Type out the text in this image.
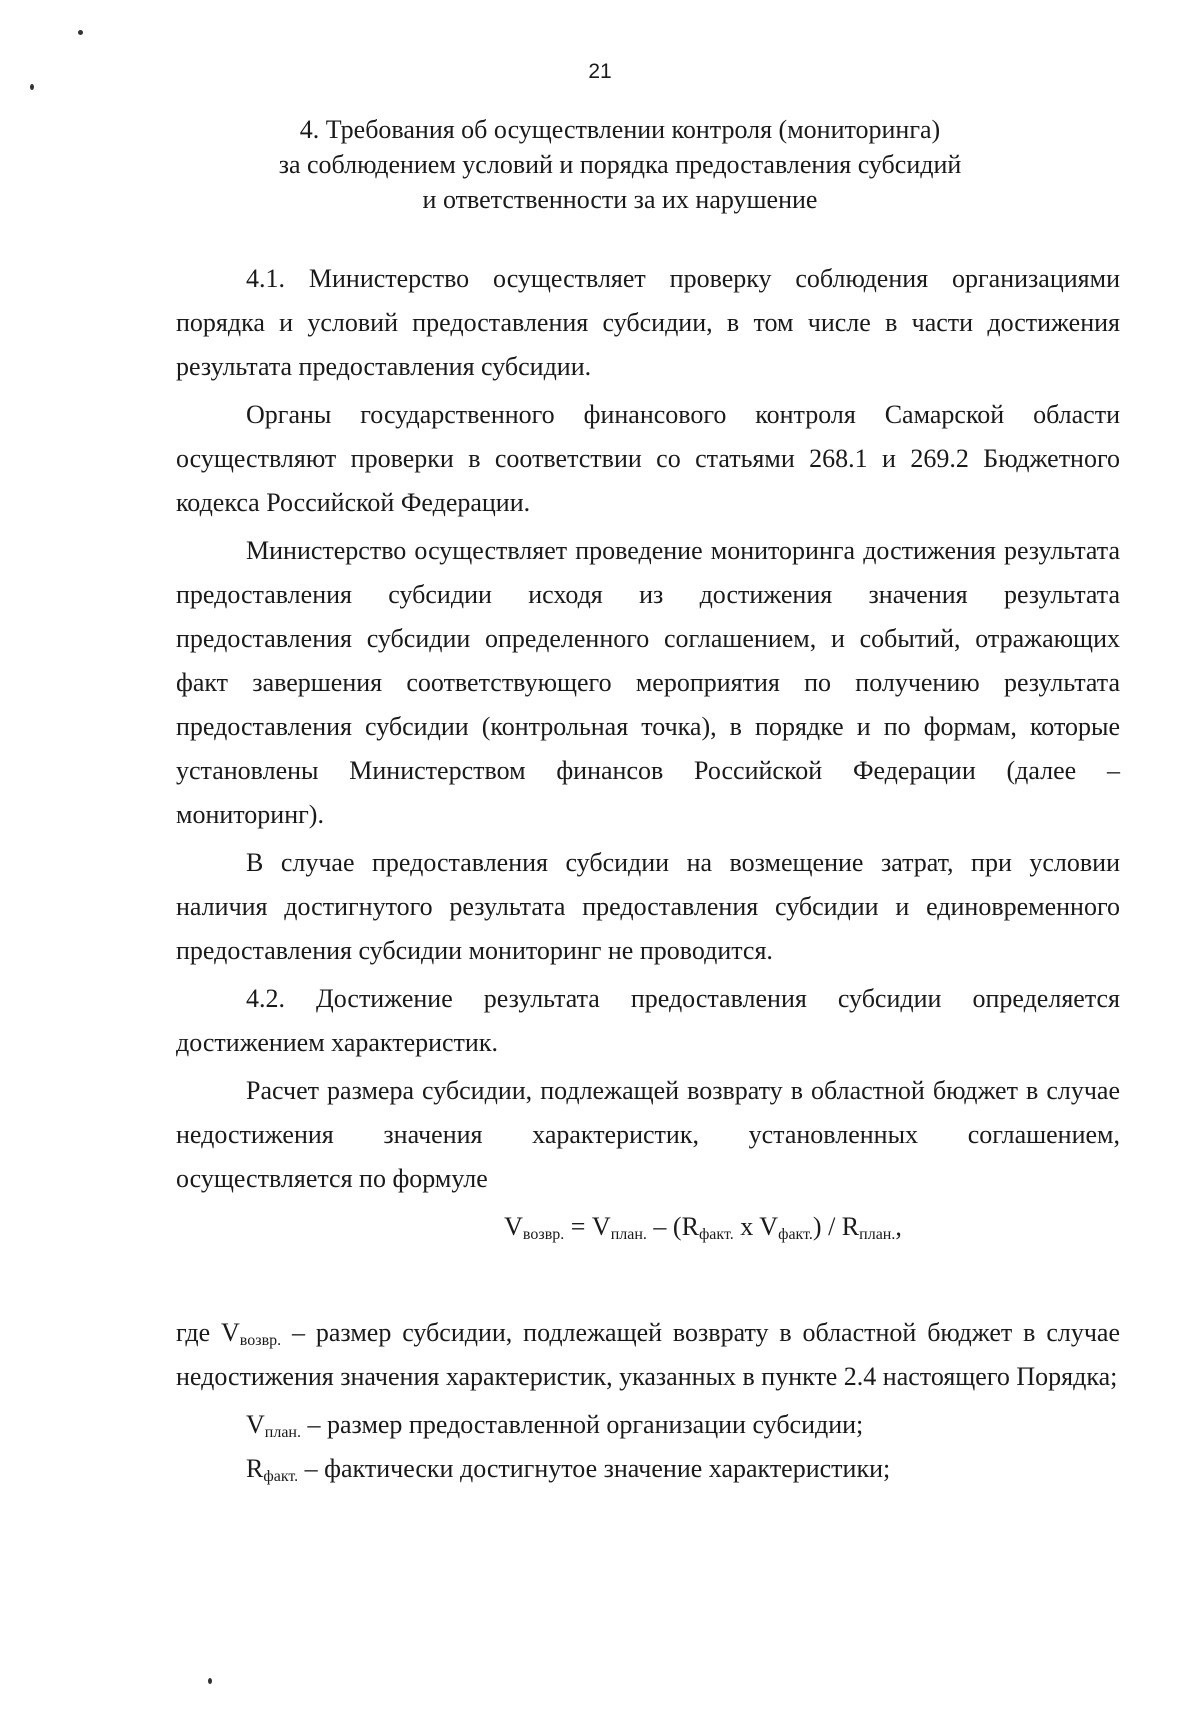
21
4. Требования об осуществлении контроля (мониторинга)
за соблюдением условий и порядка предоставления субсидий
и ответственности за их нарушение

4.1. Министерство осуществляет проверку соблюдения организациями порядка и условий предоставления субсидии, в том числе в части достижения результата предоставления субсидии.

Органы государственного финансового контроля Самарской области осуществляют проверки в соответствии со статьями 268.1 и 269.2 Бюджетного кодекса Российской Федерации.

Министерство осуществляет проведение мониторинга достижения результата предоставления субсидии исходя из достижения значения результата предоставления субсидии определенного соглашением, и событий, отражающих факт завершения соответствующего мероприятия по получению результата предоставления субсидии (контрольная точка), в порядке и по формам, которые установлены Министерством финансов Российской Федерации (далее – мониторинг).

В случае предоставления субсидии на возмещение затрат, при условии наличия достигнутого результата предоставления субсидии и единовременного предоставления субсидии мониторинг не проводится.

4.2. Достижение результата предоставления субсидии определяется достижением характеристик.

Расчет размера субсидии, подлежащей возврату в областной бюджет в случае недостижения значения характеристик, установленных соглашением, осуществляется по формуле

$V_{возвр.} = V_{план.} - (R_{факт.}$ x $V_{факт.}) / R_{план.}$,

где $V_{возвр.}$ – размер субсидии, подлежащей возврату в областной бюджет в случае недостижения значения характеристик, указанных в пункте 2.4 настоящего Порядка;

$V_{план.}$ – размер предоставленной организации субсидии;

$R_{факт.}$ – фактически достигнутое значение характеристики;
